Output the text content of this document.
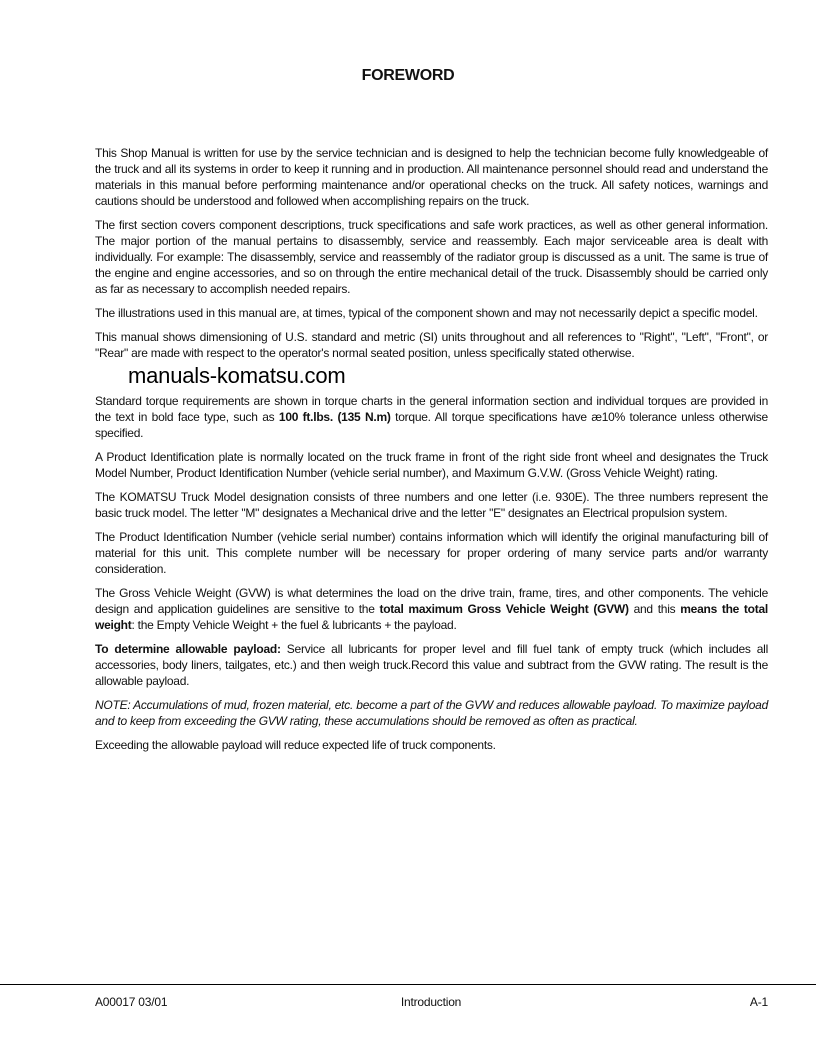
FOREWORD

This Shop Manual is written for use by the service technician and is designed to help the technician become fully knowledgeable of the truck and all its systems in order to keep it running and in production. All maintenance personnel should read and understand the materials in this manual before performing maintenance and/or operational checks on the truck. All safety notices, warnings and cautions should be understood and followed when accomplishing repairs on the truck.

The first section covers component descriptions, truck specifications and safe work practices, as well as other general information. The major portion of the manual pertains to disassembly, service and reassembly. Each major serviceable area is dealt with individually. For example: The disassembly, service and reassembly of the radiator group is discussed as a unit. The same is true of the engine and engine accessories, and so on through the entire mechanical detail of the truck. Disassembly should be carried only as far as necessary to accomplish needed repairs.

The illustrations used in this manual are, at times, typical of the component shown and may not necessarily depict a specific model.

This manual shows dimensioning of U.S. standard and metric (SI) units throughout and all references to "Right", "Left", "Front", or "Rear" are made with respect to the operator's normal seated position, unless specifically stated otherwise.

manuals-komatsu.com

Standard torque requirements are shown in torque charts in the general information section and individual torques are provided in the text in bold face type, such as 100 ft.lbs. (135 N.m) torque. All torque specifications have æ10% tolerance unless otherwise specified.

A Product Identification plate is normally located on the truck frame in front of the right side front wheel and designates the Truck Model Number, Product Identification Number (vehicle serial number), and Maximum G.V.W. (Gross Vehicle Weight) rating.

The KOMATSU Truck Model designation consists of three numbers and one letter (i.e. 930E). The three numbers represent the basic truck model. The letter "M" designates a Mechanical drive and the letter "E" designates an Electrical propulsion system.

The Product Identification Number (vehicle serial number) contains information which will identify the original manufacturing bill of material for this unit. This complete number will be necessary for proper ordering of many service parts and/or warranty consideration.

The Gross Vehicle Weight (GVW) is what determines the load on the drive train, frame, tires, and other components. The vehicle design and application guidelines are sensitive to the total maximum Gross Vehicle Weight (GVW) and this means the total weight: the Empty Vehicle Weight + the fuel & lubricants + the payload.

To determine allowable payload: Service all lubricants for proper level and fill fuel tank of empty truck (which includes all accessories, body liners, tailgates, etc.) and then weigh truck.Record this value and subtract from the GVW rating. The result is the allowable payload.

NOTE: Accumulations of mud, frozen material, etc. become a part of the GVW and reduces allowable payload. To maximize payload and to keep from exceeding the GVW rating, these accumulations should be removed as often as practical.

Exceeding the allowable payload will reduce expected life of truck components.

A00017 03/01	Introduction	A-1
